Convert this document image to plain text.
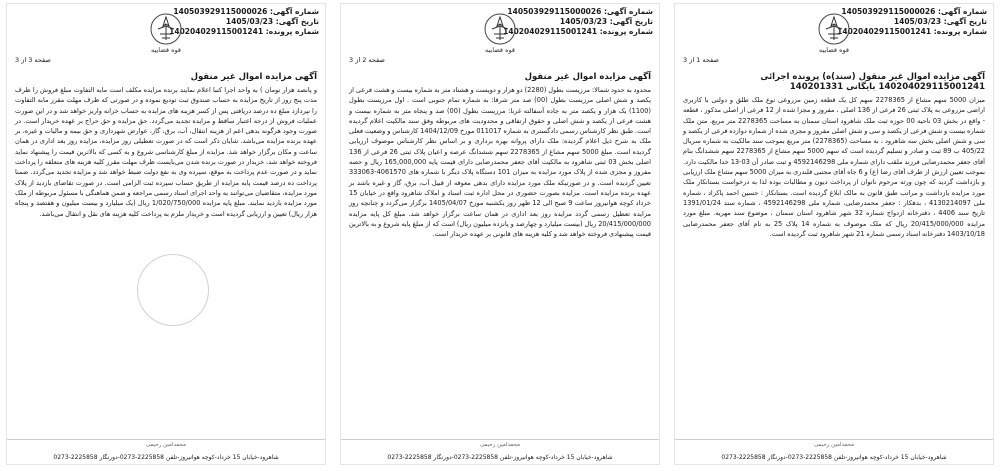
شماره آگهی: 140503929115000026
تاریخ آگهی: 1405/03/23
شماره پرونده: 140204029115001241
قوه قضاییه
صفحه 3 از 3
آگهی مزایده اموال غیر منقول
و پانصد هزار تومان ) به واحد اجرا کتبا اعلام نمایند برنده مزایده مکلف است مابه التفاوت مبلغ فروش را ظرف مدت پنج روز از تاریخ مزایده به حساب صندوق ثبت تودیع نموده و در صورتی که ظرف مهلت مقرر مابه التفاوت را نپردازد مبلغ ده درصد دریافتی پس از کسر هزینه های مزایده به حساب خزانه واریز خواهد شد و در این صورت عملیات فروش از درجه اعتبار ساقط و مزایده تجدید می‌گردد. حق مزایده و حق حراج بر عهده خریدار است. در صورت وجود هرگونه بدهی اعم از هزینه انتقال، آب، برق، گاز، عوارض شهرداری و حق بیمه و مالیات و غیره، بر عهده برنده مزایده می‌باشد. شایان ذکر است که در صورت تعطیلی روز مزایده، مزایده روز بعد اداری در همان ساعت و مکان برگزار خواهد شد. مزایده از مبلغ کارشناسی شروع و به کسی که بالاترین قیمت را پیشنهاد نماید فروخته خواهد شد. خریدار در صورت برنده شدن می‌بایست ظرف مهلت مقرر کلیه هزینه های متعلقه را پرداخت نماید و در صورت عدم پرداخت به موقع، سپرده وی به نفع دولت ضبط خواهد شد و مزایده تجدید می‌گردد. ضمنا پرداخت ده درصد قیمت پایه مزایده از طریق حساب سپرده ثبت الزامی است. در صورت تقاضای بازدید از پلاک مورد مزایده، متقاضیان می‌توانند به واحد اجرای اسناد رسمی مراجعه و ضمن هماهنگی با مسئول مربوطه از ملک مورد مزایده بازدید نمایند. مبلغ پایه مزایده 1/020/750/000 ریال (یک میلیارد و بیست میلیون و هفتصد و پنجاه هزار ریال) تعیین و ارزیابی گردیده است و خریدار ملزم به پرداخت کلیه هزینه های نقل و انتقال می‌باشد.
محمدامین رحیمی
شاهرود-خیابان 15 خرداد-کوچه هوانیروز-تلفن 2225858-0273-دورنگار 2225858-0273
شماره آگهی: 140503929115000026
تاریخ آگهی: 1405/03/23
شماره پرونده: 140204029115001241
قوه قضاییه
صفحه 2 از 3
آگهی مزایده اموال غیر منقول
محدود به حدود شمالا: مرزیست بطول (2280) دو هزار و دویست و هشتاد متر به شماره بیست و هشت فرعی از یکصد و شش اصلی مرزیست بطول (00) صد متر شرقا: به شماره تمام جنوبی است . اول مرزیست بطول (1100) یک هزار و یکصد متر به جاده آسفالته غربا: مرزیست بطول (00) صد و پنجاه متر به شماره بیست و هشت فرعی از یکصد و شش اصلی و حقوق ارتفاقی و محدودیت های مربوطه وفق سند مالکیت اعلام گردیده است. طبق نظر کارشناس رسمی دادگستری به شماره 011017 مورخ 1404/12/09 کارشناس و وضعیت فعلی ملک به شرح ذیل اعلام گردیده: ملک دارای پروانه بهره برداری و بر اساس نظر کارشناس موصوف ارزیابی گردیده است. مبلغ 5000 سهم مشاع از 2278365 سهم ششدانگ عرصه و اعیان پلاک ثبتی 26 فرعی از 136 اصلی بخش 03 ثبتی شاهرود به مالکیت آقای جعفر محمدرضایی دارای قیمت پایه 165,000,000 ریال و حصه مفروز و مجزی شده از پلاک مورد مزایده به میزان 101 دستگاه پلاک دیگر با شماره های 4061570-333063 تعیین گردیده است. و در صورتیکه ملک مورد مزایده دارای بدهی معوقه از قبیل آب، برق، گاز و غیره باشد بر عهده برنده مزایده است. مزایده بصورت حضوری در محل اداره ثبت اسناد و املاک شاهرود واقع در خیابان 15 خرداد کوچه هوانیروز ساعت 9 صبح الی 12 ظهر روز یکشنبه مورخ 1405/04/07 برگزار می‌گردد و چنانچه روز مزایده تعطیل رسمی گردد مزایده روز بعد اداری در همان ساعت برگزار خواهد شد. مبلغ کل پایه مزایده 20/415/000/000 ریال (بیست میلیارد و چهارصد و پانزده میلیون ریال) است که از مبلغ پایه شروع و به بالاترین قیمت پیشنهادی فروخته خواهد شد و کلیه هزینه های قانونی بر عهده خریدار است.
محمدامین رحیمی
شاهرود-خیابان 15 خرداد-کوچه هوانیروز-تلفن 2225858-0273-دورنگار 2225858-0273
شماره آگهی: 140503929115000026
تاریخ آگهی: 1405/03/23
شماره پرونده: 140204029115001241
قوه قضاییه
صفحه 1 از 3
آگهی مزایده اموال غیر منقول (سند)ه) پرونده اجرائی 140204029115001241 بایگانی 140201331
میزان 5000 سهم مشاع از 2278365 سهم کل یک قطعه زمین مزروعی نوع ملک طلق و دولتی با کاربری اراضی مزروعی به پلاک ثبتی 26 فرعی از 136 اصلی ، مفروز و مجزا شده از 12 فرعی از اصلی مذکور ، قطعه - واقع در بخش 03 ناحیه 00 حوزه ثبت ملک شاهرود استان سمنان به مساحت 2278365 متر مربع. متن ملک شماره بیست و شش فرعی از یکصد و سی و شش اصلی مفروز و مجزی شده از شماره دوازده فرعی از یکصد و سی و شش اصلی بخش سه شاهرود ، به مساحت (2278365) متر مربع بموجب سند مالکیت به شماره سریال 405/22 ب 89 ثبت و صادر و تسلیم گردیده است که سهم 5000 سهم مشاع از 2278365 سهم ششدانگ بنام آقای جعفر محمدرضایی فرزند ملقب دارای شماره ملی 4592146298 و ثبت صادر آن 03-13 خدا مالکیت دارد. بموجب تعیین ارزش از طرف آقای رضا (ع) و 6 جاه آقای مجتبی قلندری به میزان 5000 سهم مشاع ملک ارزیابی و بازداشت گردید که چون ورثه مرحوم ناتوان از پرداخت دیون و مطالبات بوده لذا به درخواست بستانکار ملک مورد مزایده بازداشت و مراتب طبق قانون به مالک ابلاغ گردیده است. بستانکار : حسین احمد پاکزاد ، شماره ملی 4130214097 ، بدهکار : جعفر محمدرضایی، شماره ملی 4592146298 ، شماره سند 1391/01/24 تاریخ سند 4406 ، دفترخانه ازدواج شماره 32 شهر شاهرود استان سمنان ، موضوع سند مهریه. مبلغ مورد مزایده 20/415/000/000 ریال که ملک موصوف به شماره 14 پلاک 25 به نام آقای جعفر محمدرضایی 1403/10/18 دفترخانه اسناد رسمی شماره 21 شهر شاهرود ثبت گردیده است.
محمدامین رحیمی
شاهرود-خیابان 15 خرداد-کوچه هوانیروز-تلفن 2225858-0273-دورنگار 2225858-0273
